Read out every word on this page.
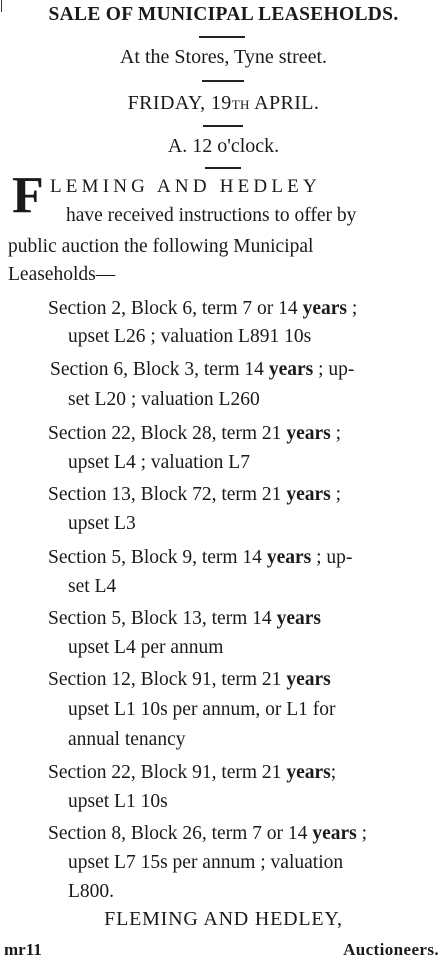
SALE OF MUNICIPAL LEASEHOLDS.
At the Stores, Tyne street.
FRIDAY, 19TH APRIL.
A. 12 o'clock.
F LEMING AND HEDLEY
have received instructions to offer by
public auction the following Municipal
Leaseholds—
Section 2, Block 6, term 7 or 14 years ;
upset L26 ; valuation L891 10s
Section 6, Block 3, term 14 years ; up-
set L20 ; valuation L260
Section 22, Block 28, term 21 years ;
upset L4 ; valuation L7
Section 13, Block 72, term 21 years ;
upset L3
Section 5, Block 9, term 14 years ; up-
set L4
Section 5, Block 13, term 14 years
upset L4 per annum
Section 12, Block 91, term 21 years
upset L1 10s per annum, or L1 for
annual tenancy
Section 22, Block 91, term 21 years;
upset L1 10s
Section 8, Block 26, term 7 or 14 years ;
upset L7 15s per annum ; valuation
L800.
FLEMING AND HEDLEY,
mr11	Auctioneers.
